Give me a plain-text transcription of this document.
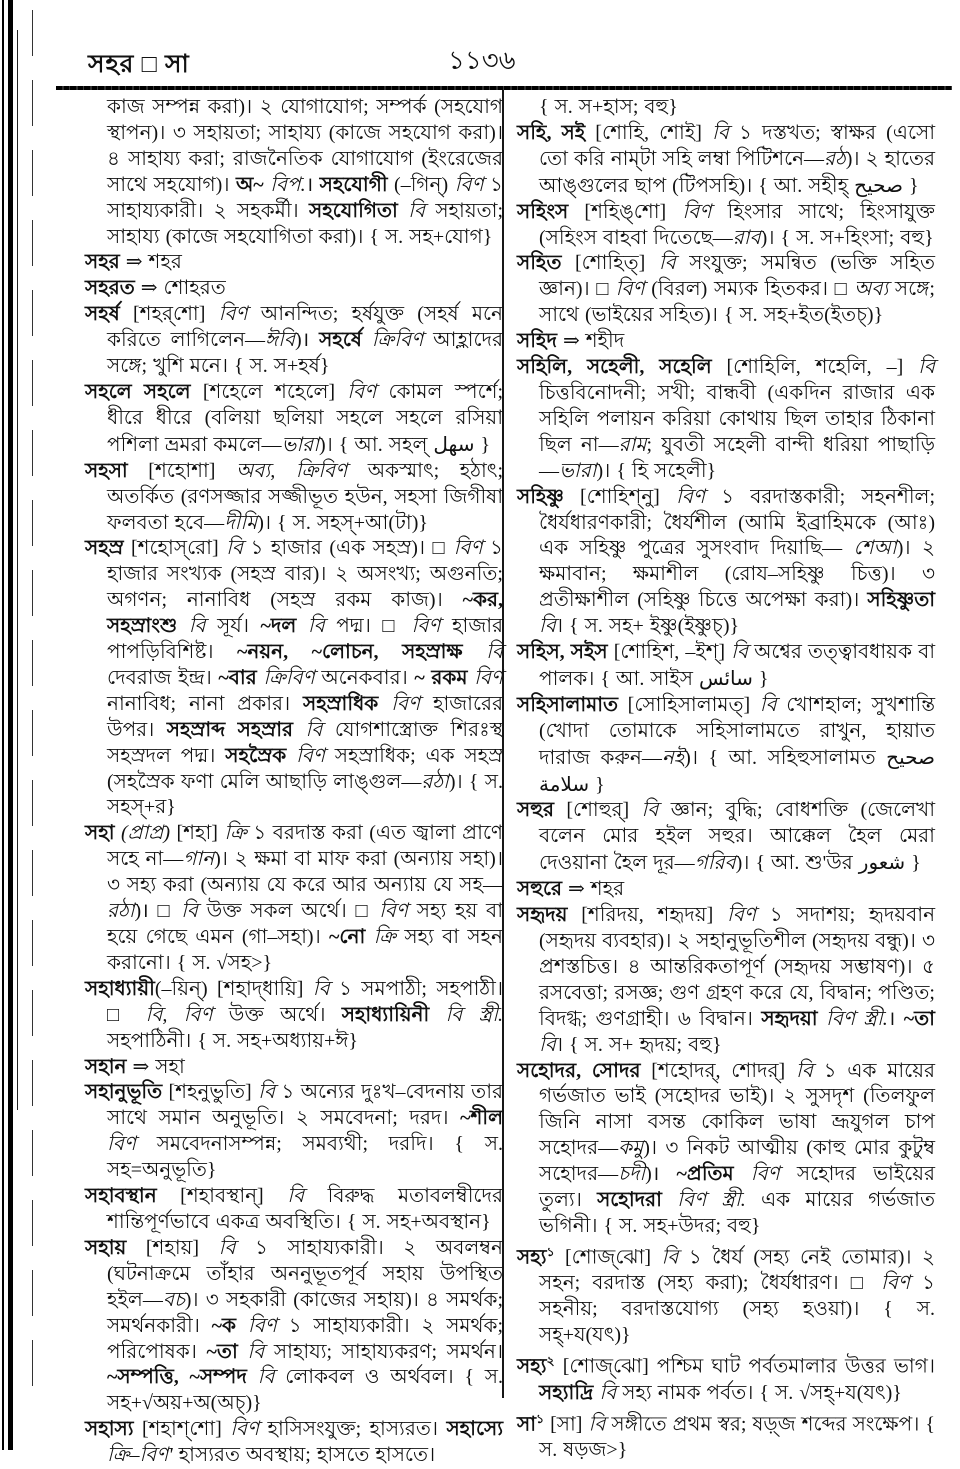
সহর □ সা	১১৩৬

কাজ সম্পন্ন করা)। ২ যোগাযোগ; সম্পর্ক (সহযোগ স্থাপন)। ৩ সহায়তা; সাহায্য (কাজে সহযোগ করা)। ৪ সাহায্য করা; রাজনৈতিক যোগাযোগ (ইংরেজের সাথে সহযোগ)। অ~ বিপ.। সহযোগী (–গিন্) বিণ ১ সাহায্যকারী। ২ সহকর্মী। সহযোগিতা বি সহায়তা; সাহায্য (কাজে সহযোগিতা করা)। { স. সহ+যোগ}

সহর ⇒ শহর

সহরত ⇒ শোহরত

সহর্ষ [শহর্‌শো] বিণ আনন্দিত; হর্ষযুক্ত (সহর্ষ মনে করিতে লাগিলেন—ঈবি)। সহর্ষে ক্রিবিণ আহ্লাদের সঙ্গে; খুশি মনে। { স. স+হর্ষ}

সহলে সহলে [শহেলে শহেলে] বিণ কোমল স্পর্শে; ধীরে ধীরে (বলিয়া ছলিয়া সহলে সহলে রসিয়া পশিলা ভ্রমরা কমলে—ভারা)। { আ. সহল্ سهل }

সহসা [শহোশা] অব্য, ক্রিবিণ অকস্মাৎ; হঠাৎ; অতর্কিত (রণসজ্জার সজ্জীভূত হউন, সহসা জিগীষা ফলবতা হবে—দীমি)। { স. সহস্+আ(টা)}

সহস্র [শহোস্‌রো] বি ১ হাজার (এক সহস্র)। □ বিণ ১ হাজার সংখ্যক (সহস্র বার)। ২ অসংখ্য; অগুনতি; অগণন; নানাবিধ (সহস্র রকম কাজ)। ~কর, সহস্রাংশু বি সূর্য। ~দল বি পদ্ম। □ বিণ হাজার পাপড়িবিশিষ্ট। ~নয়ন, ~লোচন, সহস্রাক্ষ বি দেবরাজ ইন্দ্র। ~বার ক্রিবিণ অনেকবার। ~ রকম বিণ নানাবিধ; নানা প্রকার। সহস্রাধিক বিণ হাজারের উপর। সহস্রাব্দ সহস্রার বি যোগশাস্ত্রোক্ত শিরঃস্থ সহস্রদল পদ্ম। সহস্রৈক বিণ সহস্রাধিক; এক সহস্র (সহস্রৈক ফণা মেলি আছাড়ি লাঙ্গুল—রঠা)। { স. সহস্+র}

সহা (প্রাপ্র) [শহা] ক্রি ১ বরদাস্ত করা (এত জ্বালা প্রাণে সহে না—গান)। ২ ক্ষমা বা মাফ করা (অন্যায় সহা)। ৩ সহ্য করা (অন্যায় যে করে আর অন্যায় যে সহ—রঠা)। □ বি উক্ত সকল অর্থে। □ বিণ সহ্য হয় বা হয়ে গেছে এমন (গা–সহা)। ~নো ক্রি সহ্য বা সহন করানো। { স. √সহ>}

সহাধ্যায়ী(–য়িন্) [শহাদ্‌ধায়ি] বি ১ সমপাঠী; সহপাঠী। □ বি, বিণ উক্ত অর্থে। সহাধ্যায়িনী বি স্ত্রী. সহপাঠিনী। { স. সহ+অধ্যায়+ঈ}

সহান ⇒ সহা

সহানুভূতি [শহনুভুতি] বি ১ অন্যের দুঃখ–বেদনায় তার সাথে সমান অনুভূতি। ২ সমবেদনা; দরদ। ~শীল বিণ সমবেদনাসম্পন্ন; সমব্যথী; দরদি। { স. সহ=অনুভূতি}

সহাবস্থান [শহাবস্থান্] বি বিরুদ্ধ মতাবলম্বীদের শান্তিপূর্ণভাবে একত্র অবস্থিতি। { স. সহ+অবস্থান}

সহায় [শহায়] বি ১ সাহায্যকারী। ২ অবলম্বন (ঘটনাক্রমে তাঁহার অননুভূতপূর্ব সহায় উপস্থিত হইল—বচ)। ৩ সহকারী (কাজের সহায়)। ৪ সমর্থক; সমর্থনকারী। ~ক বিণ ১ সাহায্যকারী। ২ সমর্থক; পরিপোষক। ~তা বি সাহায্য; সাহায্যকরণ; সমর্থন। ~সম্পত্তি, ~সম্পদ বি লোকবল ও অর্থবল। { স. সহ+√অয়+অ(অচ্)}

সহাস্য [শহাশ্‌শো] বিণ হাসিসংযুক্ত; হাস্যরত। সহাস্যে ক্রি–বিণ' হাস্যরত অবস্থায়; হাসতে হাসতে।

{ স. স+হাস; বহু}

সহি, সই [শোহি, শোই] বি ১ দস্তখত; স্বাক্ষর (এসো তো করি নাম্‌টা সহি লম্বা পিটিশনে—রঠ)। ২ হাতের আঙ্গুলের ছাপ (টিপসহি)। { আ. সহীহ্‌ صحيح }

সহিংস [শহিঙ্‌শো] বিণ হিংসার সাথে; হিংসাযুক্ত (সহিংস বাহবা দিতেছে—রাব)। { স. স+হিংসা; বহু}

সহিত [শোহিত্] বি সংযুক্ত; সমন্বিত (ভক্তি সহিত জ্ঞান)। □ বিণ (বিরল) সম্যক হিতকর। □ অব্য সঙ্গে; সাথে (ভাইয়ের সহিত)। { স. সহ+ইত(ইতচ্)}

সহিদ ⇒ শহীদ

সহিলি, সহেলী, সহেলি [শোহিলি, শহেলি, –] বি চিত্তবিনোদনী; সখী; বান্ধবী (একদিন রাজার এক সহিলি পলায়ন করিয়া কোথায় ছিল তাহার ঠিকানা ছিল না—রাম; যুবতী সহেলী বান্দী ধরিয়া পাছাড়ি—ভারা)। { হি সহেলী}

সহিষ্ণু [শোহিশ্‌নু] বিণ ১ বরদাস্তকারী; সহনশীল; ধৈর্যধারণকারী; ধৈর্যশীল (আমি ইব্রাহিমকে (আঃ) এক সহিষ্ণু পুত্রের সুসংবাদ দিয়াছি— শেআ)। ২ ক্ষমাবান; ক্ষমাশীল (রোয–সহিষ্ণু চিত্ত)। ৩ প্রতীক্ষাশীল (সহিষ্ণু চিত্তে অপেক্ষা করা)। সহিষ্ণুতা বি। { স. সহ+ ইষ্ণু(ইষ্ণুচ্)}

সহিস, সইস [শোহিশ, –ইশ্] বি অশ্বের তত্ত্বাবধায়ক বা পালক। { আ. সাইস سائس }

সহিসালামাত [সোহিসালামত্] বি খোশহাল; সুখশান্তি (খোদা তোমাকে সহিসালামতে রাখুন, হায়াত দারাজ করুন—নই)। { আ. সহিহুসালামত صحيح سلامة }

সহুর [শোহুর্] বি জ্ঞান; বুদ্ধি; বোধশক্তি (জেলেখা বলেন মোর হইল সহুর। আক্কেল হৈল মেরা দেওয়ানা হৈল দূর—গরিব)। { আ. শু'উর شعور }

সহুরে ⇒ শহর

সহৃদয় [শরিদয়, শহৃদয়] বিণ ১ সদাশয়; হৃদয়বান (সহৃদয় ব্যবহার)। ২ সহানুভূতিশীল (সহৃদয় বন্ধু)। ৩ প্রশস্তচিত্ত। ৪ আন্তরিকতাপূর্ণ (সহৃদয় সম্ভাষণ)। ৫ রসবেত্তা; রসজ্ঞ; গুণ গ্রহণ করে যে, বিদ্বান; পণ্ডিত; বিদগ্ধ; গুণগ্রাহী। ৬ বিদ্বান। সহৃদয়া বিণ স্ত্রী.। ~তা বি। { স. স+ হৃদয়; বহু}

সহোদর, সোদর [শহোদর্, শোদর্] বি ১ এক মায়ের গর্ভজাত ভাই (সহোদর ভাই)। ২ সুসদৃশ (তিলফুল জিনি নাসা বসন্ত কোকিল ভাষা ভ্রূযুগল চাপ সহোদর—কমু)। ৩ নিকট আত্মীয় (কাহু মোর কুটুম্ব সহোদর—চদী)। ~প্রতিম বিণ সহোদর ভাইয়ের তুল্য। সহোদরা বিণ স্ত্রী. এক মায়ের গর্ভজাত ভগিনী। { স. সহ+উদর; বহু}

সহ্য$^১$ [শোজ্‌ঝো] বি ১ ধৈর্য (সহ্য নেই তোমার)। ২ সহন; বরদাস্ত (সহ্য করা); ধৈর্যধারণ। □ বিণ ১ সহনীয়; বরদাস্তযোগ্য (সহ্য হওয়া)। { স. সহ্+য(যৎ)}

সহ্য$^২$ [শোজ্‌ঝো] পশ্চিম ঘাট পর্বতমালার উত্তর ভাগ। সহ্যাদ্রি বি সহ্য নামক পর্বত। { স. √সহ্+য(যৎ)}

সা$^১$ [সা] বি সঙ্গীতে প্রথম স্বর; ষড়্‌জ শব্দের সংক্ষেপ। { স. ষড়জ>}
